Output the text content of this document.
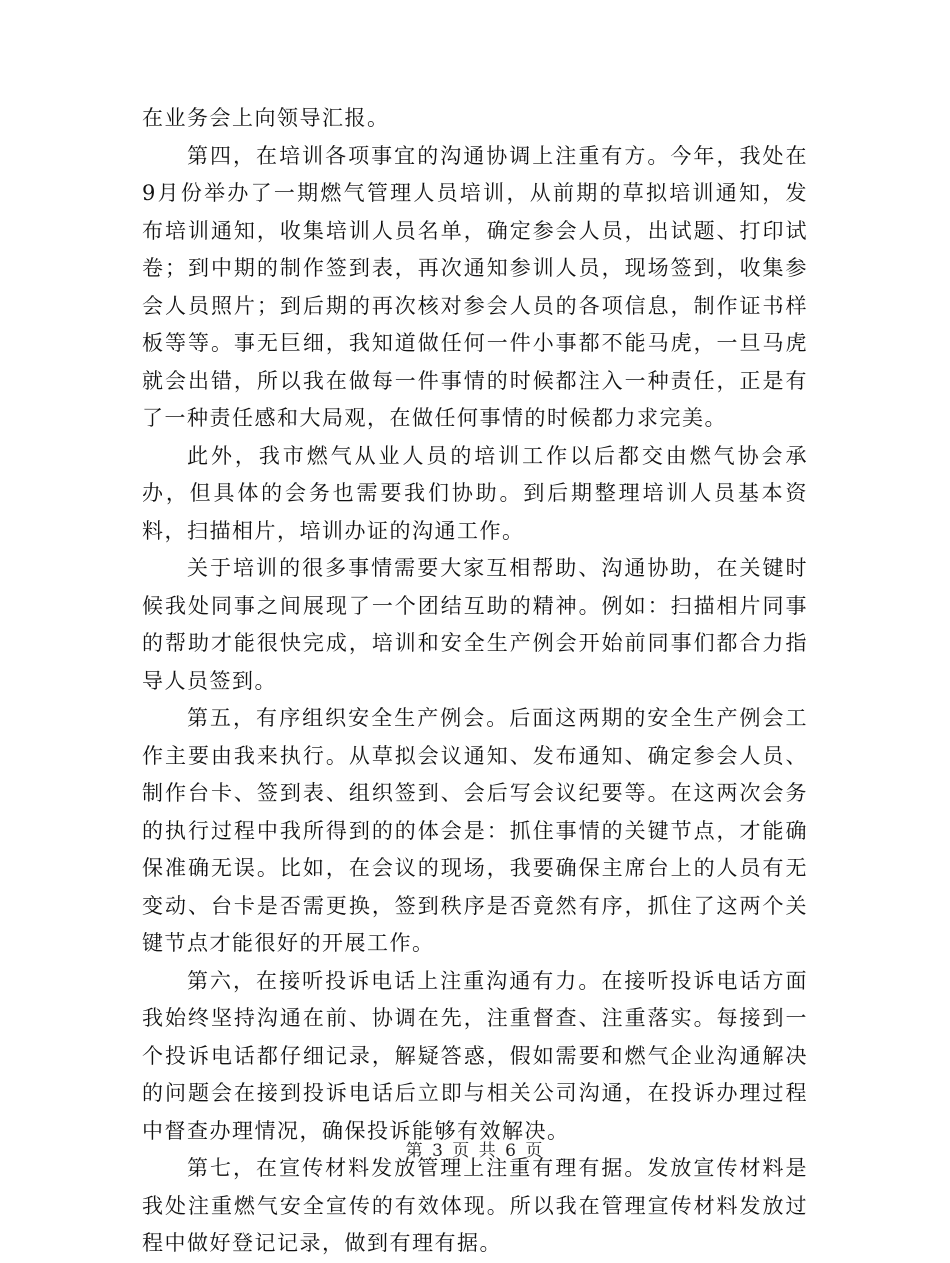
在业务会上向领导汇报。

第四，在培训各项事宜的沟通协调上注重有方。今年，我处在9月份举办了一期燃气管理人员培训，从前期的草拟培训通知，发布培训通知，收集培训人员名单，确定参会人员，出试题、打印试卷；到中期的制作签到表，再次通知参训人员，现场签到，收集参会人员照片；到后期的再次核对参会人员的各项信息，制作证书样板等等。事无巨细，我知道做任何一件小事都不能马虎，一旦马虎就会出错，所以我在做每一件事情的时候都注入一种责任，正是有了一种责任感和大局观，在做任何事情的时候都力求完美。

此外，我市燃气从业人员的培训工作以后都交由燃气协会承办，但具体的会务也需要我们协助。到后期整理培训人员基本资料，扫描相片，培训办证的沟通工作。

关于培训的很多事情需要大家互相帮助、沟通协助，在关键时候我处同事之间展现了一个团结互助的精神。例如：扫描相片同事的帮助才能很快完成，培训和安全生产例会开始前同事们都合力指导人员签到。

第五，有序组织安全生产例会。后面这两期的安全生产例会工作主要由我来执行。从草拟会议通知、发布通知、确定参会人员、制作台卡、签到表、组织签到、会后写会议纪要等。在这两次会务的执行过程中我所得到的的体会是：抓住事情的关键节点，才能确保准确无误。比如，在会议的现场，我要确保主席台上的人员有无变动、台卡是否需更换，签到秩序是否竟然有序，抓住了这两个关键节点才能很好的开展工作。

第六，在接听投诉电话上注重沟通有力。在接听投诉电话方面我始终坚持沟通在前、协调在先，注重督查、注重落实。每接到一个投诉电话都仔细记录，解疑答惑，假如需要和燃气企业沟通解决的问题会在接到投诉电话后立即与相关公司沟通，在投诉办理过程中督查办理情况，确保投诉能够有效解决。

第七，在宣传材料发放管理上注重有理有据。发放宣传材料是我处注重燃气安全宣传的有效体现。所以我在管理宣传材料发放过程中做好登记记录，做到有理有据。

第 3 页 共 6 页
